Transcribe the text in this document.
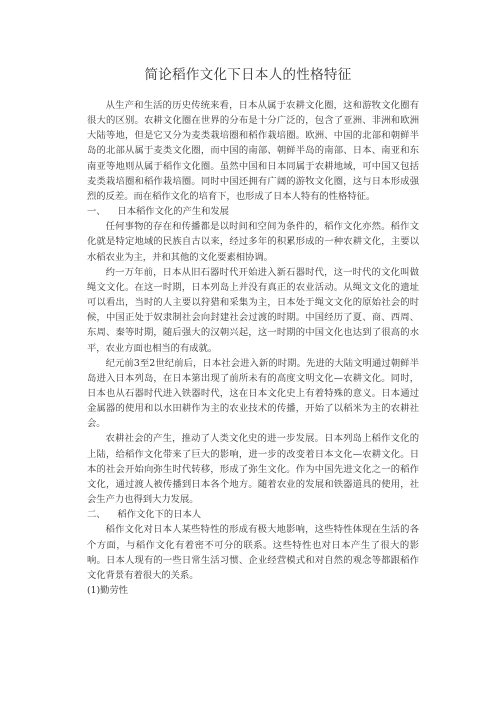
简论稻作文化下日本人的性格特征

从生产和生活的历史传统来看，日本从属于农耕文化圈，这和游牧文化圈有很大的区别。农耕文化圈在世界的分布是十分广泛的，包含了亚洲、非洲和欧洲大陆等地，但是它又分为麦类栽培圈和稻作栽培圈。欧洲、中国的北部和朝鲜半岛的北部从属于麦类文化圈，而中国的南部、朝鲜半岛的南部、日本、南亚和东南亚等地则从属于稻作文化圈。虽然中国和日本同属于农耕地域，可中国又包括麦类栽培圈和稻作栽培圈。同时中国还拥有广阔的游牧文化圈，这与日本形成强烈的反差。而在稻作文化的培育下，也形成了日本人特有的性格特征。

一、    日本稻作文化的产生和发展

任何事物的存在和传播都是以时间和空间为条件的，稻作文化亦然。稻作文化就是特定地域的民族自古以来，经过多年的积累形成的一种农耕文化，主要以水稻农业为主，并和其他的文化要素相协调。

约一万年前，日本从旧石器时代开始进入新石器时代，这一时代的文化叫做绳文文化。在这一时期，日本列岛上并没有真正的农业活动。从绳文文化的遗址可以看出，当时的人主要以狩猎和采集为主，日本处于绳文文化的原始社会的时候，中国正处于奴隶制社会向封建社会过渡的时期。中国经历了夏、商、西周、东周、秦等时期，随后强大的汉朝兴起，这一时期的中国文化也达到了很高的水平，农业方面也相当的有成就。

纪元前3至2世纪前后，日本社会进入新的时期。先进的大陆文明通过朝鲜半岛进入日本列岛，在日本第出现了前所未有的高度文明文化—农耕文化。同时，日本也从石器时代进入铁器时代，这在日本文化史上有着特殊的意义。日本通过金属器的使用和以水田耕作为主的农业技术的传播，开始了以稻米为主的农耕社会。

农耕社会的产生，推动了人类文化史的进一步发展。日本列岛上稻作文化的上陆，给稻作文化带来了巨大的影响，进一步的改变着日本文化—农耕文化。日本的社会开始向弥生时代转移，形成了弥生文化。作为中国先进文化之一的稻作文化，通过渡人被传播到日本各个地方。随着农业的发展和铁器道具的使用，社会生产力也得到大力发展。

二、    稻作文化下的日本人

稻作文化对日本人某些特性的形成有极大地影响，这些特性体现在生活的各个方面，与稻作文化有着密不可分的联系。这些特性也对日本产生了很大的影响。日本人现有的一些日常生活习惯、企业经营模式和对自然的观念等都跟稻作文化背景有着很大的关系。

(1)勤劳性
